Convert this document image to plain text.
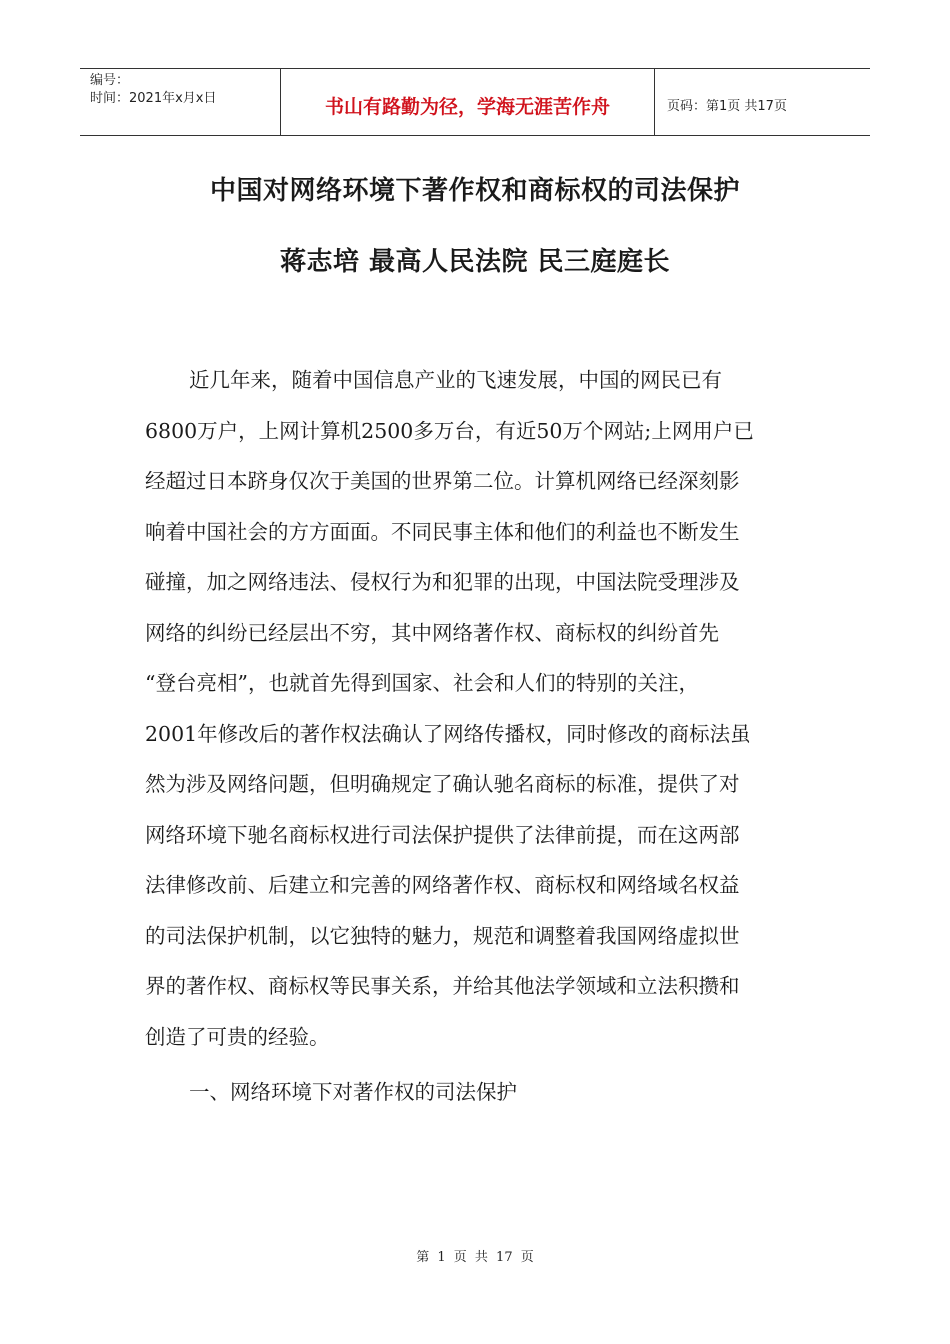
编号：
时间：2021年x月x日	书山有路勤为径，学海无涯苦作舟	页码：第1页 共17页
中国对网络环境下著作权和商标权的司法保护
蒋志培 最高人民法院 民三庭庭长
近几年来，随着中国信息产业的飞速发展，中国的网民已有
6800万户，上网计算机2500多万台，有近50万个网站;上网用户已
经超过日本跻身仅次于美国的世界第二位。计算机网络已经深刻影
响着中国社会的方方面面。不同民事主体和他们的利益也不断发生
碰撞，加之网络违法、侵权行为和犯罪的出现，中国法院受理涉及
网络的纠纷已经层出不穷，其中网络著作权、商标权的纠纷首先
“登台亮相”，也就首先得到国家、社会和人们的特别的关注，
2001年修改后的著作权法确认了网络传播权，同时修改的商标法虽
然为涉及网络问题，但明确规定了确认驰名商标的标准，提供了对
网络环境下驰名商标权进行司法保护提供了法律前提，而在这两部
法律修改前、后建立和完善的网络著作权、商标权和网络域名权益
的司法保护机制，以它独特的魅力，规范和调整着我国网络虚拟世
界的著作权、商标权等民事关系，并给其他法学领域和立法积攒和
创造了可贵的经验。
一、网络环境下对著作权的司法保护
第 1 页 共 17 页
